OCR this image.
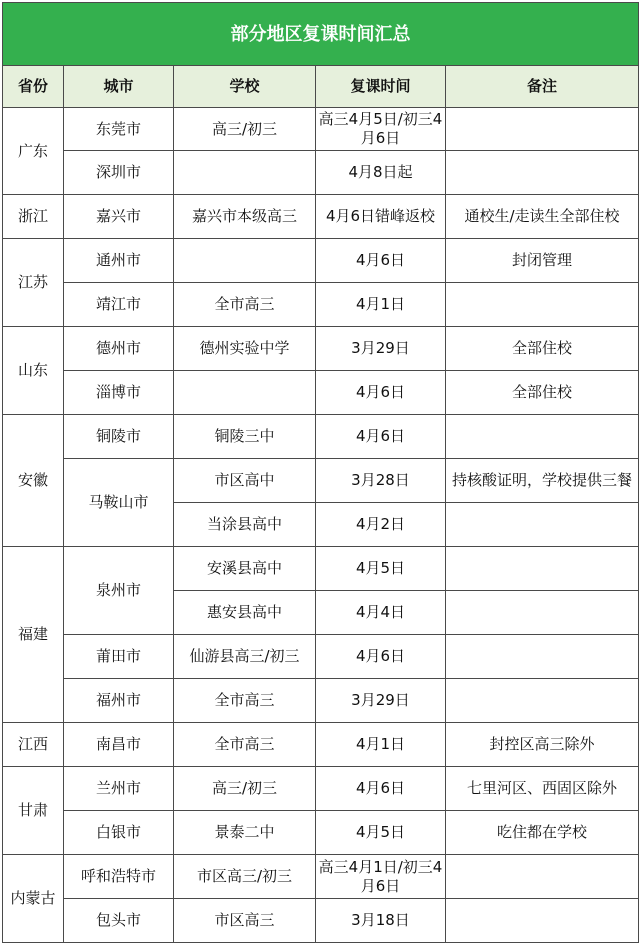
部分地区复课时间汇总				
省份	城市	学校	复课时间	备注
广东	东莞市	高三/初三	高三4月5日/初三4月6日	
	深圳市		4月8日起	
浙江	嘉兴市	嘉兴市本级高三	4月6日错峰返校	通校生/走读生全部住校
江苏	通州市		4月6日	封闭管理
	靖江市	全市高三	4月1日	
山东	德州市	德州实验中学	3月29日	全部住校
	淄博市		4月6日	全部住校
安徽	铜陵市	铜陵三中	4月6日	
	马鞍山市	市区高中	3月28日	持核酸证明，学校提供三餐
		当涂县高中	4月2日	
福建	泉州市	安溪县高中	4月5日	
		惠安县高中	4月4日	
	莆田市	仙游县高三/初三	4月6日	
	福州市	全市高三	3月29日	
江西	南昌市	全市高三	4月1日	封控区高三除外
甘肃	兰州市	高三/初三	4月6日	七里河区、西固区除外
	白银市	景泰二中	4月5日	吃住都在学校
内蒙古	呼和浩特市	市区高三/初三	高三4月1日/初三4月6日	
	包头市	市区高三	3月18日	
